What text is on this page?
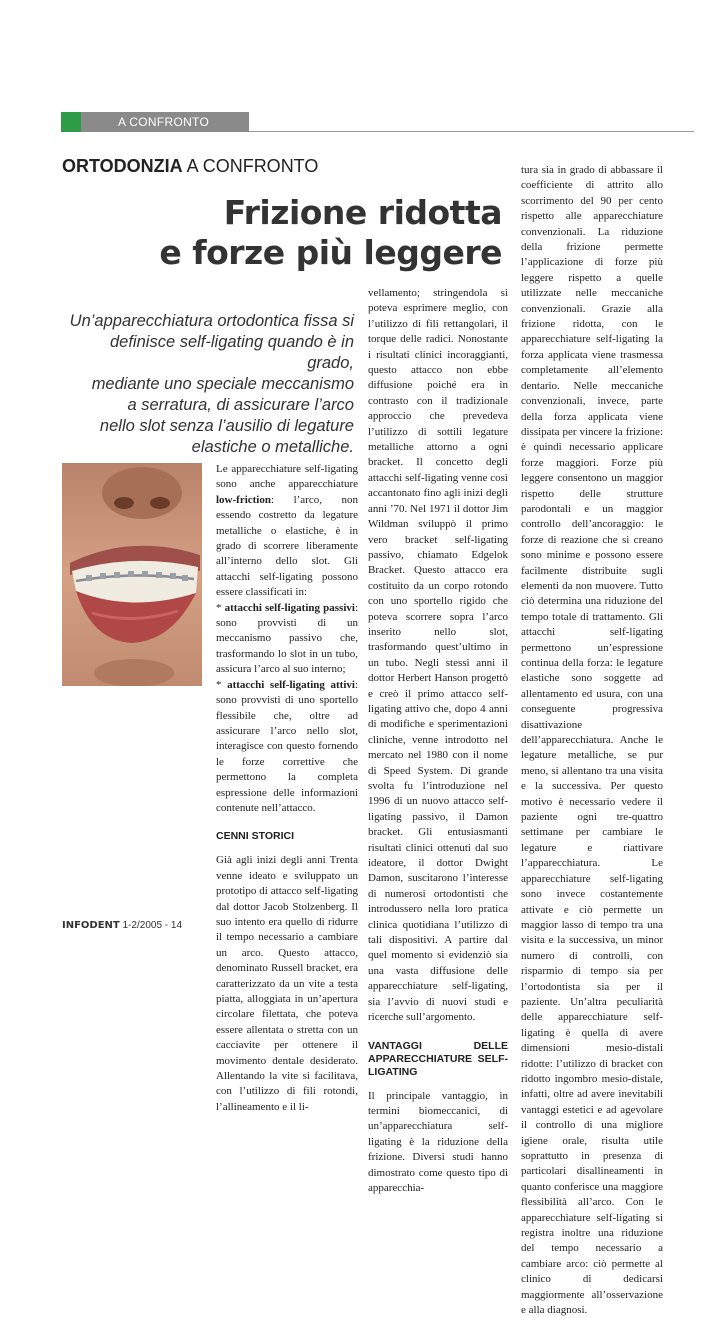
A CONFRONTO
ORTODONZIA A CONFRONTO
Frizione ridotta
e forze più leggere
Un’apparecchiatura ortodontica fissa si
definisce self-ligating quando è in grado,
mediante uno speciale meccanismo
a serratura, di assicurare l’arco
nello slot senza l’ausilio di legature
elastiche o metalliche.

Le apparecchiature self-ligating sono anche apparecchiature low-friction: l’arco, non essendo costretto da legature metalliche o elastiche, è in grado di scorrere liberamente all’interno dello slot. Gli attacchi self-ligating possono essere classificati in:

* attacchi self-ligating passivi: sono provvisti di un meccanismo passivo che, trasformando lo slot in un tubo, assicura l’arco al suo interno;

* attacchi self-ligating attivi: sono provvisti di uno sportello flessibile che, oltre ad assicurare l’arco nello slot, interagisce con questo fornendo le forze correttive che permettono la completa espressione delle informazioni contenute nell’attacco.

CENNI STORICI

Già agli inizi degli anni Trenta venne ideato e sviluppato un prototipo di attacco self-ligating dal dottor Jacob Stolzenberg. Il suo intento era quello di ridurre il tempo necessario a cambiare un arco. Questo attacco, denominato Russell bracket, era caratterizzato da un vite a testa piatta, alloggiata in un’apertura circolare filettata, che poteva essere allentata o stretta con un cacciavite per ottenere il movimento dentale desiderato. Allentando la vite si facilitava, con l’utilizzo di fili rotondi, l’allineamento e il li-

vellamento; stringendola si poteva esprimere meglio, con l’utilizzo di fili rettangolari, il torque delle radici. Nonostante i risultati clinici incoraggianti, questo attacco non ebbe diffusione poiché era in contrasto con il tradizionale approccio che prevedeva l’utilizzo di sottili legature metalliche attorno a ogni bracket. Il concetto degli attacchi self-ligating venne così accantonato fino agli inizi degli anni ’70. Nel 1971 il dottor Jim Wildman sviluppò il primo vero bracket self-ligating passivo, chiamato Edgelok Bracket. Questo attacco era costituito da un corpo rotondo con uno sportello rigido che poteva scorrere sopra l’arco inserito nello slot, trasformando quest’ultimo in un tubo. Negli stessi anni il dottor Herbert Hanson progettò e creò il primo attacco self-ligating attivo che, dopo 4 anni di modifiche e sperimentazioni cliniche, venne introdotto nel mercato nel 1980 con il nome di Speed System. Di grande svolta fu l’introduzione nel 1996 di un nuovo attacco self-ligating passivo, il Damon bracket. Gli entusiasmanti risultati clinici ottenuti dal suo ideatore, il dottor Dwight Damon, suscitarono l’interesse di numerosi ortodontisti che introdussero nella loro pratica clinica quotidiana l’utilizzo di tali dispositivi. A partire dal quel momento si evidenziò sia una vasta diffusione delle apparecchiature self-ligating, sia l’avvio di nuovi studi e ricerche sull’argomento.

VANTAGGI DELLE APPARECCHIATURE SELF-LIGATING

Il principale vantaggio, in termini biomeccanici, di un’apparecchiatura self-ligating è la riduzione della frizione. Diversi studi hanno dimostrato come questo tipo di apparecchia-

tura sia in grado di abbassare il coefficiente di attrito allo scorrimento del 90 per cento rispetto alle apparecchiature convenzionali. La riduzione della frizione permette l’applicazione di forze più leggere rispetto a quelle utilizzate nelle meccaniche convenzionali. Grazie alla frizione ridotta, con le apparecchiature self-ligating la forza applicata viene trasmessa completamente all’elemento dentario. Nelle meccaniche convenzionali, invece, parte della forza applicata viene dissipata per vincere la frizione: è quindi necessario applicare forze maggiori. Forze più leggere consentono un maggior rispetto delle strutture parodontali e un maggior controllo dell’ancoraggio: le forze di reazione che si creano sono minime e possono essere facilmente distribuite sugli elementi da non muovere. Tutto ciò determina una riduzione del tempo totale di trattamento. Gli attacchi self-ligating permettono un’espressione continua della forza: le legature elastiche sono soggette ad allentamento ed usura, con una conseguente progressiva disattivazione dell’apparecchiatura. Anche le legature metalliche, se pur meno, si allentano tra una visita e la successiva. Per questo motivo è necessario vedere il paziente ogni tre-quattro settimane per cambiare le legature e riattivare l’apparecchiatura. Le apparecchiature self-ligating sono invece costantemente attivate e ciò permette un maggior lasso di tempo tra una visita e la successiva, un minor numero di controlli, con risparmio di tempo sia per l’ortodontista sia per il paziente. Un’altra peculiarità delle apparecchiature self-ligating è quella di avere dimensioni mesio-distali ridotte: l’utilizzo di bracket con ridotto ingombro mesio-distale, infatti, oltre ad avere inevitabili vantaggi estetici e ad agevolare il controllo di una migliore igiene orale, risulta utile soprattutto in presenza di particolari disallineamenti in quanto conferisce una maggiore flessibilità all’arco. Con le apparecchiature self-ligating si registra inoltre una riduzione del tempo necessario a cambiare arco: ciò permette al clinico di dedicarsi maggiormente all’osservazione e alla diagnosi.

INFODENT 1-2/2005 - 14
